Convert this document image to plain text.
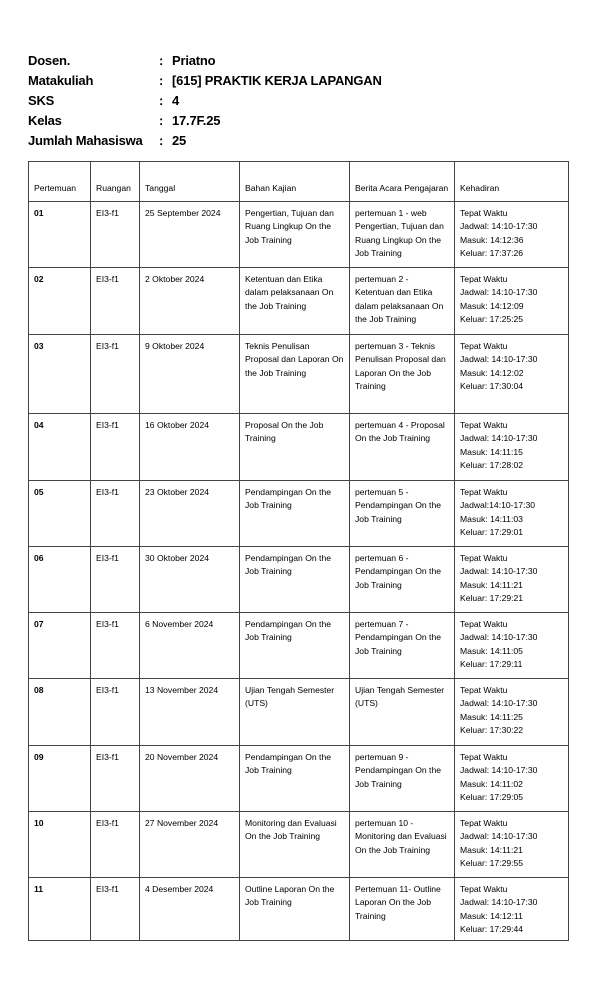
Dosen.	: Priatno
Matakuliah	: [615] PRAKTIK KERJA LAPANGAN
SKS	: 4
Kelas	: 17.7F.25
Jumlah Mahasiswa	: 25
Pertemuan	Ruangan	Tanggal	Bahan Kajian	Berita Acara Pengajaran	Kehadiran
01	EI3-f1	25 September 2024	Pengertian, Tujuan dan Ruang Lingkup On the Job Training	pertemuan 1 - web Pengertian, Tujuan dan Ruang Lingkup On the Job Training	Tepat Waktu
Jadwal: 14:10-17:30
Masuk: 14:12:36
Keluar: 17:37:26

02	EI3-f1	2 Oktober 2024	Ketentuan dan Etika dalam pelaksanaan On the Job Training	pertemuan 2 - Ketentuan dan Etika dalam pelaksanaan On the Job Training	Tepat Waktu
Jadwal: 14:10-17:30
Masuk: 14:12:09
Keluar: 17:25:25

03	EI3-f1	9 Oktober 2024	Teknis Penulisan Proposal dan Laporan On the Job Training	pertemuan 3 - Teknis Penulisan Proposal dan Laporan On the Job Training	Tepat Waktu
Jadwal: 14:10-17:30
Masuk: 14:12:02
Keluar: 17:30:04

04	EI3-f1	16 Oktober 2024	Proposal On the Job Training	pertemuan 4 - Proposal On the Job Training	Tepat Waktu
Jadwal: 14:10-17:30
Masuk: 14:11:15
Keluar: 17:28:02

05	EI3-f1	23 Oktober 2024	Pendampingan On the Job Training	pertemuan 5 - Pendampingan On the Job Training	Tepat Waktu
Jadwal:14:10-17:30
Masuk: 14:11:03
Keluar: 17:29:01

06	EI3-f1	30 Oktober 2024	Pendampingan On the Job Training	pertemuan 6 - Pendampingan On the Job Training	Tepat Waktu
Jadwal: 14:10-17:30
Masuk: 14:11:21
Keluar: 17:29:21

07	EI3-f1	6 November 2024	Pendampingan On the Job Training	pertemuan 7 - Pendampingan On the Job Training	Tepat Waktu
Jadwal: 14:10-17:30
Masuk: 14:11:05
Keluar: 17:29:11

08	EI3-f1	13 November 2024	Ujian Tengah Semester (UTS)	Ujian Tengah Semester (UTS)	Tepat Waktu
Jadwal: 14:10-17:30
Masuk: 14:11:25
Keluar: 17:30:22

09	EI3-f1	20 November 2024	Pendampingan On the Job Training	pertemuan 9 - Pendampingan On the Job Training	Tepat Waktu
Jadwal: 14:10-17:30
Masuk: 14:11:02
Keluar: 17:29:05

10	EI3-f1	27 November 2024	Monitoring dan Evaluasi On the Job Training	pertemuan 10 - Monitoring dan Evaluasi On the Job Training	Tepat Waktu
Jadwal: 14:10-17:30
Masuk: 14:11:21
Keluar: 17:29:55

11	EI3-f1	4 Desember 2024	Outline Laporan On the Job Training	Pertemuan 11- Outline Laporan On the Job Training	Tepat Waktu
Jadwal: 14:10-17:30
Masuk: 14:12:11
Keluar: 17:29:44
